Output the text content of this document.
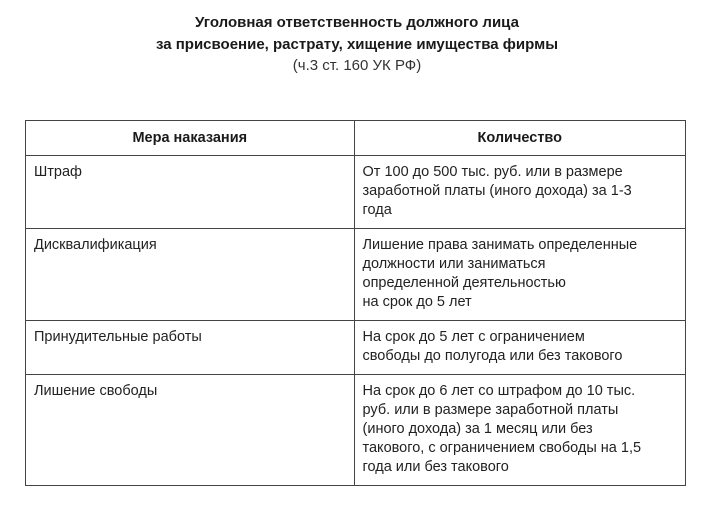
Уголовная ответственность должного лица
за присвоение, растрату, хищение имущества фирмы
(ч.3 ст. 160 УК РФ)
Мера наказания	Количество
Штраф	От 100 до 500 тыс. руб. или в размере
заработной платы (иного дохода) за 1-3
года

Дисквалификация	Лишение права занимать определенные
должности или заниматься
определенной деятельностью
на срок до 5 лет

Принудительные работы	На срок до 5 лет с ограничением
свободы до полугода или без такового

Лишение свободы	На срок до 6 лет со штрафом до 10 тыс.
руб. или в размере заработной платы
(иного дохода) за 1 месяц или без
такового, с ограничением свободы на 1,5
года или без такового
